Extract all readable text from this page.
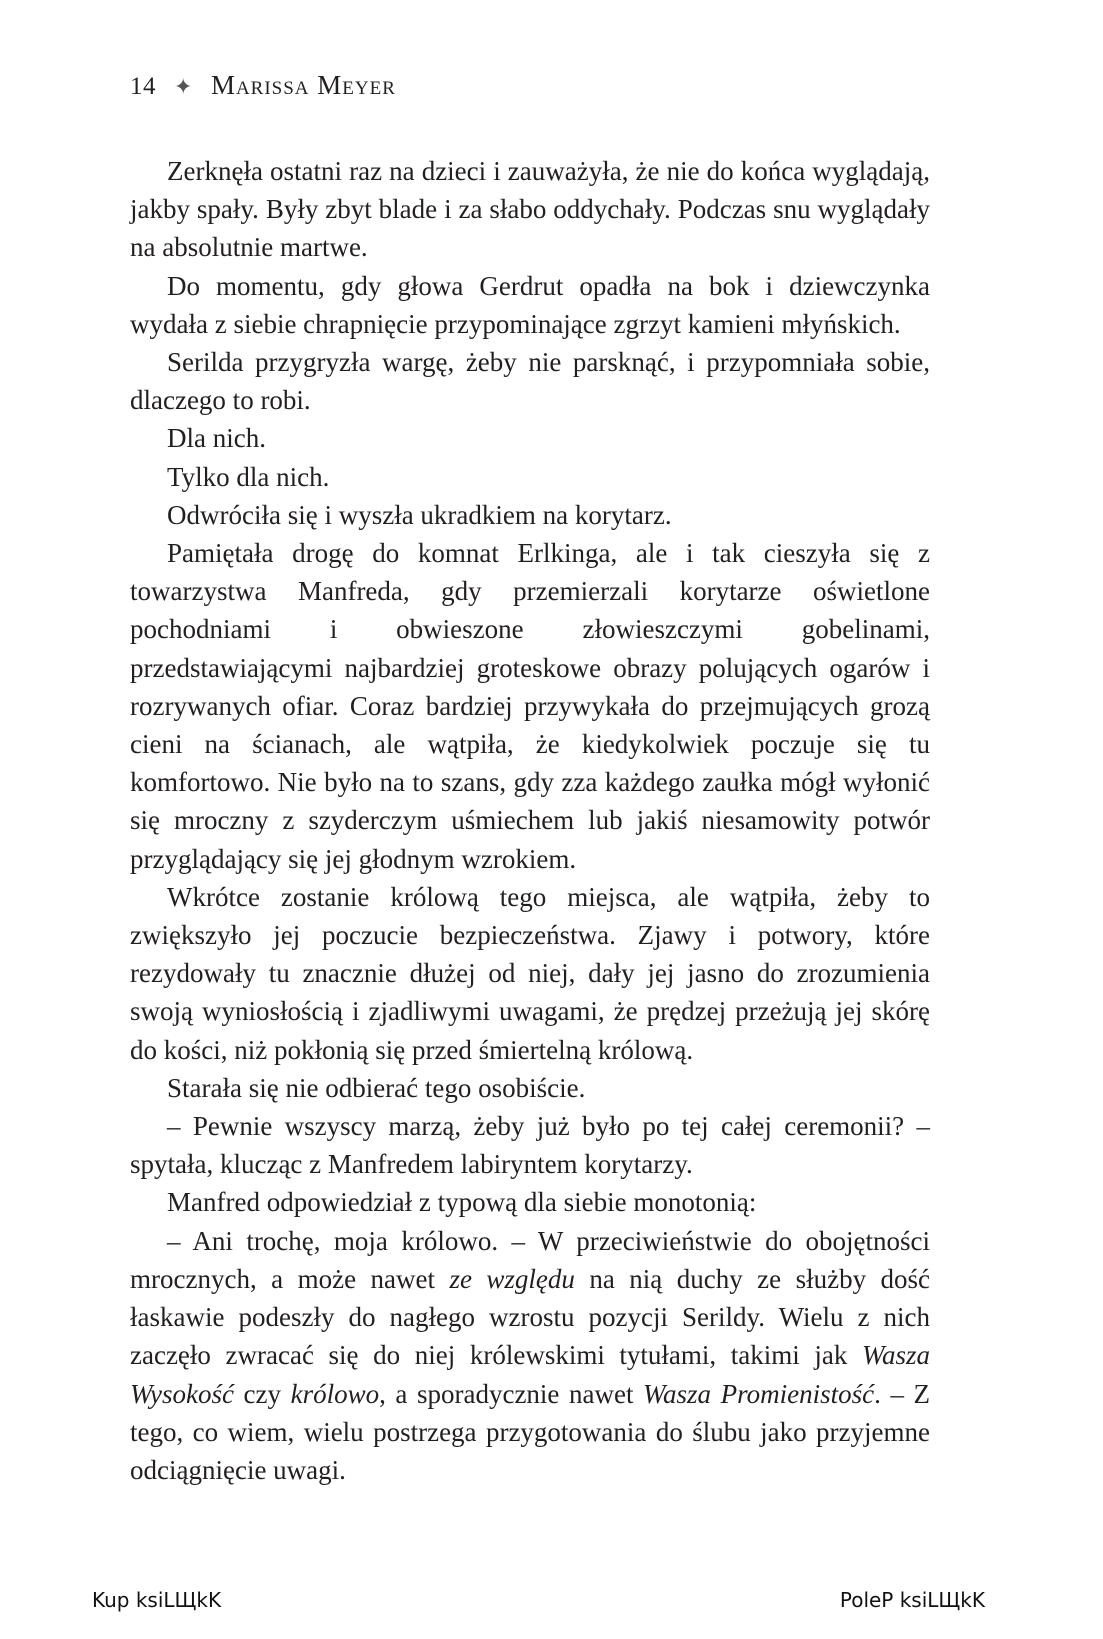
14 ✦ Marissa Meyer

Zerknęła ostatni raz na dzieci i zauważyła, że nie do końca wyglądają, jakby spały. Były zbyt blade i za słabo oddychały. Podczas snu wyglądały na absolutnie martwe.

Do momentu, gdy głowa Gerdrut opadła na bok i dziewczynka wydała z siebie chrapnięcie przypominające zgrzyt kamieni młyńskich.

Serilda przygryzła wargę, żeby nie parsknąć, i przypomniała sobie, dlaczego to robi.

Dla nich.

Tylko dla nich.

Odwróciła się i wyszła ukradkiem na korytarz.

Pamiętała drogę do komnat Erlkinga, ale i tak cieszyła się z towarzystwa Manfreda, gdy przemierzali korytarze oświetlone pochodniami i obwieszone złowieszczymi gobelinami, przedstawiającymi najbardziej groteskowe obrazy polujących ogarów i rozrywanych ofiar. Coraz bardziej przywykała do przejmujących grozą cieni na ścianach, ale wątpiła, że kiedykolwiek poczuje się tu komfortowo. Nie było na to szans, gdy zza każdego zaułka mógł wyłonić się mroczny z szyderczym uśmiechem lub jakiś niesamowity potwór przyglądający się jej głodnym wzrokiem.

Wkrótce zostanie królową tego miejsca, ale wątpiła, żeby to zwiększyło jej poczucie bezpieczeństwa. Zjawy i potwory, które rezydowały tu znacznie dłużej od niej, dały jej jasno do zrozumienia swoją wyniosłością i zjadliwymi uwagami, że prędzej przeżują jej skórę do kości, niż pokłonią się przed śmiertelną królową.

Starała się nie odbierać tego osobiście.

– Pewnie wszyscy marzą, żeby już było po tej całej ceremonii? – spytała, klucząc z Manfredem labiryntem korytarzy.

Manfred odpowiedział z typową dla siebie monotonią:

– Ani trochę, moja królowo. – W przeciwieństwie do obojętności mrocznych, a może nawet ze względu na nią duchy ze służby dość łaskawie podeszły do nagłego wzrostu pozycji Serildy. Wielu z nich zaczęło zwracać się do niej królewskimi tytułami, takimi jak Wasza Wysokość czy królowo, a sporadycznie nawet Wasza Promienistość. – Z tego, co wiem, wielu postrzega przygotowania do ślubu jako przyjemne odciągnięcie uwagi.

Kup ksiLЩkK	PoleP ksiLЩkK
